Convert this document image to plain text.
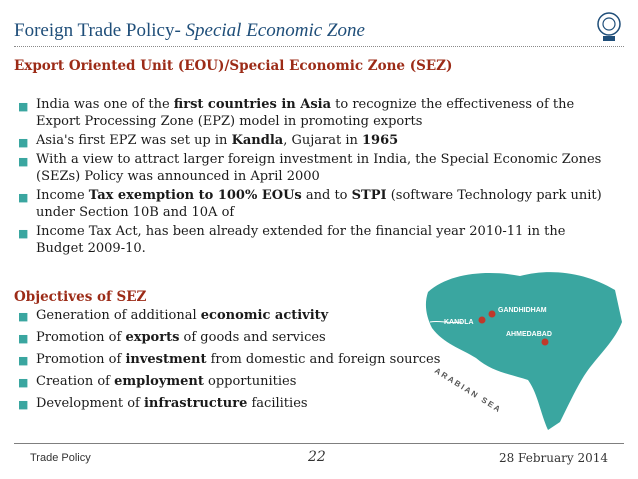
Foreign Trade Policy- Special Economic Zone
Export Oriented Unit (EOU)/Special Economic Zone (SEZ)
■ India was one of the first countries in Asia to recognize the effectiveness of the Export Processing Zone (EPZ) model in promoting exports
■ Asia's first EPZ was set up in Kandla, Gujarat in 1965
■ With a view to attract larger foreign investment in India, the Special Economic Zones (SEZs) Policy was announced in April 2000
■ Income Tax exemption to 100% EOUs and to STPI (software Technology park unit) under Section 10B and 10A of
■ Income Tax Act, has been already extended for the financial year 2010-11 in the Budget 2009-10.
Objectives of SEZ
KANDLA
GANDHIDHAM
AHMEDABAD
ARABIAN SEA
■ Generation of additional economic activity
■ Promotion of exports of goods and services
■ Promotion of investment from domestic and foreign sources
■ Creation of employment opportunities
■ Development of infrastructure facilities
Trade Policy	22	28 February 2014
